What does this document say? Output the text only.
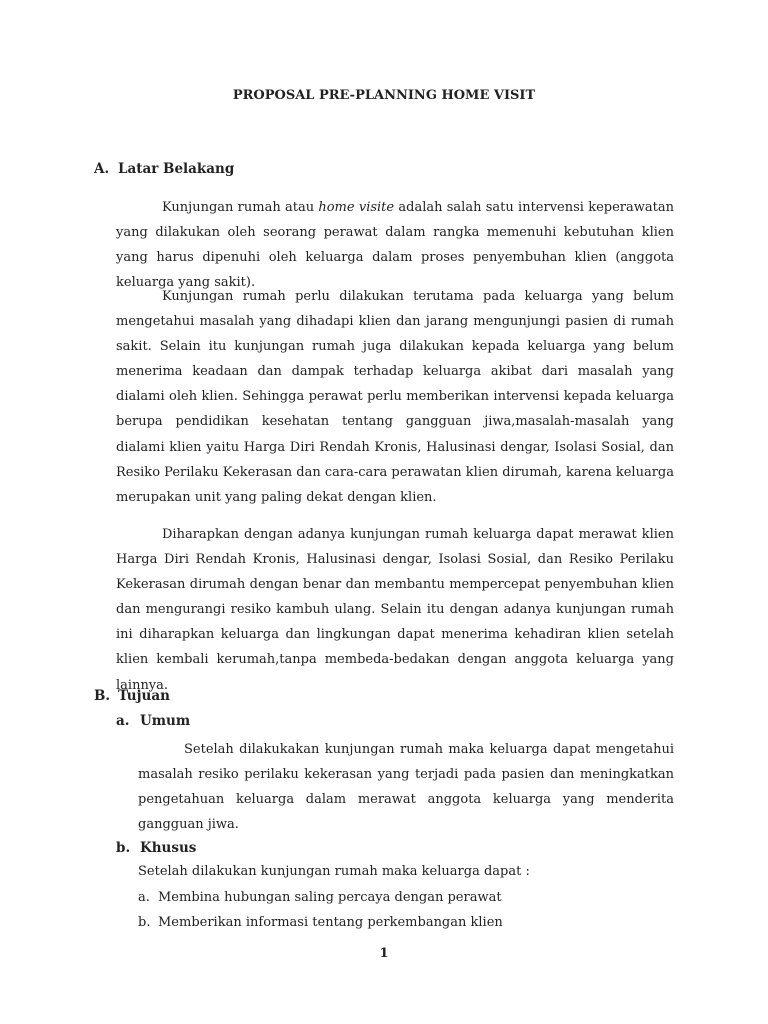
PROPOSAL PRE-PLANNING HOME VISIT
A. Latar Belakang

Kunjungan rumah atau home visite adalah salah satu intervensi keperawatan yang dilakukan oleh seorang perawat dalam rangka memenuhi kebutuhan klien yang harus dipenuhi oleh keluarga dalam proses penyembuhan klien (anggota keluarga yang sakit).

Kunjungan rumah perlu dilakukan terutama pada keluarga yang belum mengetahui masalah yang dihadapi klien dan jarang mengunjungi pasien di rumah sakit. Selain itu kunjungan rumah juga dilakukan kepada keluarga yang belum menerima keadaan dan dampak terhadap keluarga akibat dari masalah yang dialami oleh klien. Sehingga perawat perlu memberikan intervensi kepada keluarga berupa pendidikan kesehatan tentang gangguan jiwa,masalah-masalah yang dialami klien yaitu Harga Diri Rendah Kronis, Halusinasi dengar, Isolasi Sosial, dan Resiko Perilaku Kekerasan dan cara-cara perawatan klien dirumah, karena keluarga merupakan unit yang paling dekat dengan klien.

Diharapkan dengan adanya kunjungan rumah keluarga dapat merawat klien Harga Diri Rendah Kronis, Halusinasi dengar, Isolasi Sosial, dan Resiko Perilaku Kekerasan dirumah dengan benar dan membantu mempercepat penyembuhan klien dan mengurangi resiko kambuh ulang. Selain itu dengan adanya kunjungan rumah ini diharapkan keluarga dan lingkungan dapat menerima kehadiran klien setelah klien kembali kerumah,tanpa membeda-bedakan dengan anggota keluarga yang lainnya.

B. Tujuan
a. Umum

Setelah dilakukakan kunjungan rumah maka keluarga dapat mengetahui masalah resiko perilaku kekerasan yang terjadi pada pasien dan meningkatkan pengetahuan keluarga dalam merawat anggota keluarga yang menderita gangguan jiwa.

b. Khusus
Setelah dilakukan kunjungan rumah maka keluarga dapat :
a. Membina hubungan saling percaya dengan perawat
b. Memberikan informasi tentang perkembangan klien
1
